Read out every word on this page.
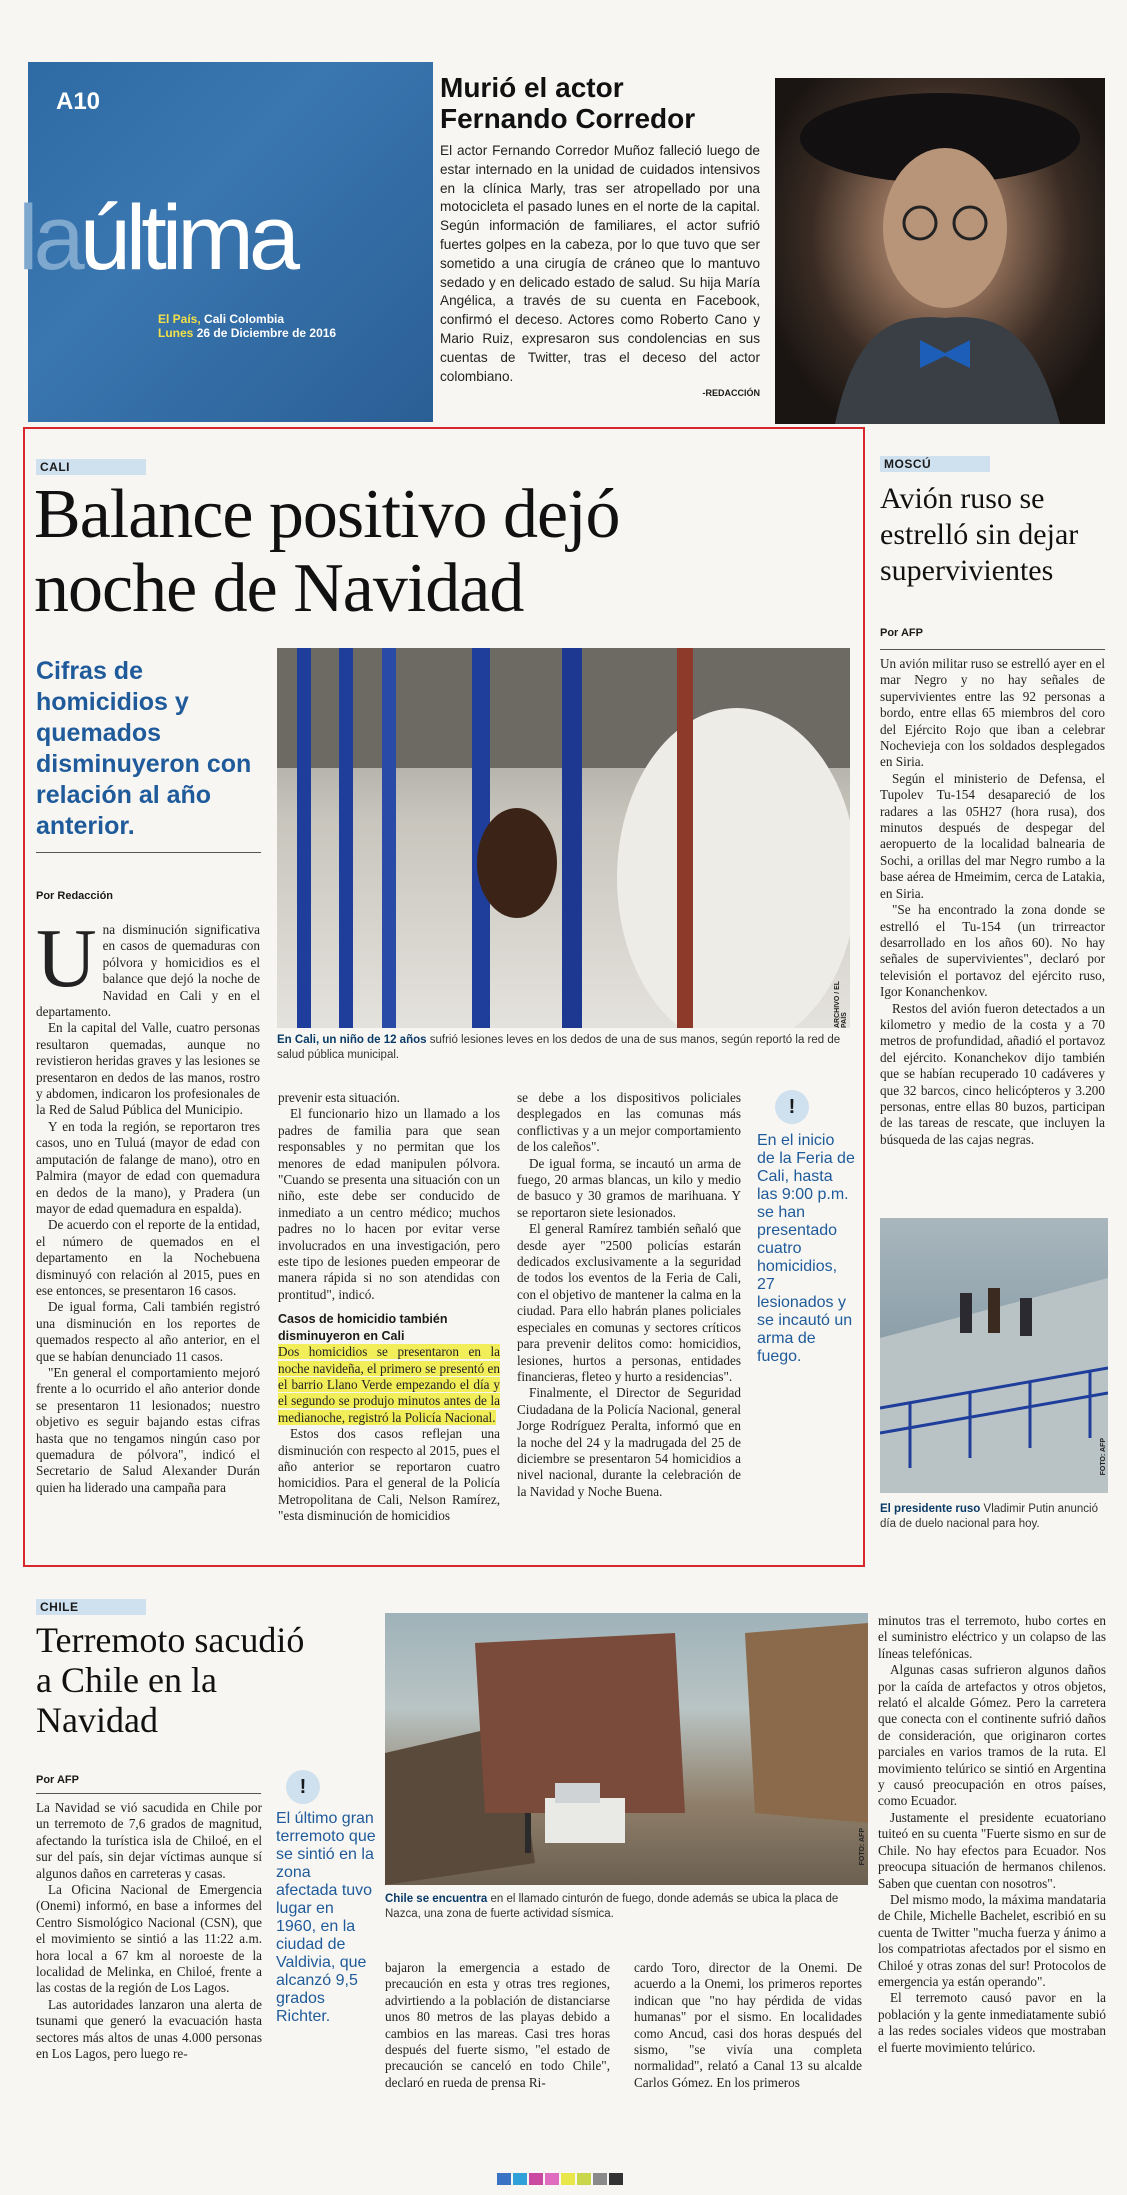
A10
laúltima
El País, Cali Colombia
Lunes 26 de Diciembre de 2016
Murió el actor
Fernando Corredor

El actor Fernando Corredor Muñoz falleció luego de estar internado en la unidad de cuidados intensivos en la clínica Marly, tras ser atropellado por una motocicleta el pasado lunes en el norte de la capital. Según información de familiares, el actor sufrió fuertes golpes en la cabeza, por lo que tuvo que ser sometido a una cirugía de cráneo que lo mantuvo sedado y en delicado estado de salud. Su hija María Angélica, a través de su cuenta en Facebook, confirmó el deceso. Actores como Roberto Cano y Mario Ruiz, expresaron sus condolencias en sus cuentas de Twitter, tras el deceso del actor colombiano.

-REDACCIÓN
CALI
Balance positivo dejó
noche de Navidad
Cifras de homicidios y quemados disminuyeron con relación al año anterior.
Por Redacción
ARCHIVO / EL PAÍS
En Cali, un niño de 12 años sufrió lesiones leves en los dedos de una de sus manos, según reportó la red de salud pública municipal.
U na disminución significativa en casos de quemaduras con pólvora y homicidios es el balance que dejó la noche de Navidad en Cali y en el departamento.

En la capital del Valle, cuatro personas resultaron quemadas, aunque no revistieron heridas graves y las lesiones se presentaron en dedos de las manos, rostro y abdomen, indicaron los profesionales de la Red de Salud Pública del Municipio.

Y en toda la región, se reportaron tres casos, uno en Tuluá (mayor de edad con amputación de falange de mano), otro en Palmira (mayor de edad con quemadura en dedos de la mano), y Pradera (un mayor de edad quemadura en espalda).

De acuerdo con el reporte de la entidad, el número de quemados en el departamento en la Nochebuena disminuyó con relación al 2015, pues en ese entonces, se presentaron 16 casos.

De igual forma, Cali también registró una disminución en los reportes de quemados respecto al año anterior, en el que se habían denunciado 11 casos.

"En general el comportamiento mejoró frente a lo ocurrido el año anterior donde se presentaron 11 lesionados; nuestro objetivo es seguir bajando estas cifras hasta que no tengamos ningún caso por quemadura de pólvora", indicó el Secretario de Salud Alexander Durán quien ha liderado una campaña para

prevenir esta situación.

El funcionario hizo un llamado a los padres de familia para que sean responsables y no permitan que los menores de edad manipulen pólvora. "Cuando se presenta una situación con un niño, este debe ser conducido de inmediato a un centro médico; muchos padres no lo hacen por evitar verse involucrados en una investigación, pero este tipo de lesiones pueden empeorar de manera rápida si no son atendidas con prontitud", indicó.

Casos de homicidio también disminuyeron en Cali

Dos homicidios se presentaron en la noche navideña, el primero se presentó en el barrio Llano Verde empezando el día y el segundo se produjo minutos antes de la medianoche, registró la Policía Nacional.

Estos dos casos reflejan una disminución con respecto al 2015, pues el año anterior se reportaron cuatro homicidios. Para el general de la Policía Metropolitana de Cali, Nelson Ramírez, "esta disminución de homicidios

se debe a los dispositivos policiales desplegados en las comunas más conflictivas y a un mejor comportamiento de los caleños".

De igual forma, se incautó un arma de fuego, 20 armas blancas, un kilo y medio de basuco y 30 gramos de marihuana. Y se reportaron siete lesionados.

El general Ramírez también señaló que desde ayer "2500 policías estarán dedicados exclusivamente a la seguridad de todos los eventos de la Feria de Cali, con el objetivo de mantener la calma en la ciudad. Para ello habrán planes policiales especiales en comunas y sectores críticos para prevenir delitos como: homicidios, lesiones, hurtos a personas, entidades financieras, fleteo y hurto a residencias".

Finalmente, el Director de Seguridad Ciudadana de la Policía Nacional, general Jorge Rodríguez Peralta, informó que en la noche del 24 y la madrugada del 25 de diciembre se presentaron 54 homicidios a nivel nacional, durante la celebración de la Navidad y Noche Buena.

!
En el inicio de la Feria de Cali, hasta las 9:00 p.m. se han presentado cuatro homicidios, 27 lesionados y se incautó un arma de fuego.
MOSCÚ
Avión ruso se estrelló sin dejar supervivientes
Por AFP

Un avión militar ruso se estrelló ayer en el mar Negro y no hay señales de supervivientes entre las 92 personas a bordo, entre ellas 65 miembros del coro del Ejército Rojo que iban a celebrar Nochevieja con los soldados desplegados en Siria.

Según el ministerio de Defensa, el Tupolev Tu-154 desapareció de los radares a las 05H27 (hora rusa), dos minutos después de despegar del aeropuerto de la localidad balnearia de Sochi, a orillas del mar Negro rumbo a la base aérea de Hmeimim, cerca de Latakia, en Siria.

"Se ha encontrado la zona donde se estrelló el Tu-154 (un trirreactor desarrollado en los años 60). No hay señales de supervivientes", declaró por televisión el portavoz del ejército ruso, Igor Konanchenkov.

Restos del avión fueron detectados a un kilometro y medio de la costa y a 70 metros de profundidad, añadió el portavoz del ejército. Konanchekov dijo también que se habían recuperado 10 cadáveres y que 32 barcos, cinco helicópteros y 3.200 personas, entre ellas 80 buzos, participan de las tareas de rescate, que incluyen la búsqueda de las cajas negras.

FOTO: AFP
El presidente ruso Vladimir Putin anunció día de duelo nacional para hoy.
CHILE
Terremoto sacudió a Chile en la Navidad
Por AFP

La Navidad se vió sacudida en Chile por un terremoto de 7,6 grados de magnitud, afectando la turística isla de Chiloé, en el sur del país, sin dejar víctimas aunque sí algunos daños en carreteras y casas.

La Oficina Nacional de Emergencia (Onemi) informó, en base a informes del Centro Sismológico Nacional (CSN), que el movimiento se sintió a las 11:22 a.m. hora local a 67 km al noroeste de la localidad de Melinka, en Chiloé, frente a las costas de la región de Los Lagos.

Las autoridades lanzaron una alerta de tsunami que generó la evacuación hasta sectores más altos de unas 4.000 personas en Los Lagos, pero luego re-

!
El último gran terremoto que se sintió en la zona afectada tuvo lugar en 1960, en la ciudad de Valdivia, que alcanzó 9,5 grados Richter.
FOTO: AFP
Chile se encuentra en el llamado cinturón de fuego, donde además se ubica la placa de Nazca, una zona de fuerte actividad sísmica.

bajaron la emergencia a estado de precaución en esta y otras tres regiones, advirtiendo a la población de distanciarse unos 80 metros de las playas debido a cambios en las mareas. Casi tres horas después del fuerte sismo, "el estado de precaución se canceló en todo Chile", declaró en rueda de prensa Ri-

cardo Toro, director de la Onemi. De acuerdo a la Onemi, los primeros reportes indican que "no hay pérdida de vidas humanas" por el sismo. En localidades como Ancud, casi dos horas después del sismo, "se vivía una completa normalidad", relató a Canal 13 su alcalde Carlos Gómez. En los primeros

minutos tras el terremoto, hubo cortes en el suministro eléctrico y un colapso de las líneas telefónicas.

Algunas casas sufrieron algunos daños por la caída de artefactos y otros objetos, relató el alcalde Gómez. Pero la carretera que conecta con el continente sufrió daños de consideración, que originaron cortes parciales en varios tramos de la ruta. El movimiento telúrico se sintió en Argentina y causó preocupación en otros países, como Ecuador.

Justamente el presidente ecuatoriano tuiteó en su cuenta "Fuerte sismo en sur de Chile. No hay efectos para Ecuador. Nos preocupa situación de hermanos chilenos. Saben que cuentan con nosotros".

Del mismo modo, la máxima mandataria de Chile, Michelle Bachelet, escribió en su cuenta de Twitter "mucha fuerza y ánimo a los compatriotas afectados por el sismo en Chiloé y otras zonas del sur! Protocolos de emergencia ya están operando".

El terremoto causó pavor en la población y la gente inmediatamente subió a las redes sociales videos que mostraban el fuerte movimiento telúrico.
